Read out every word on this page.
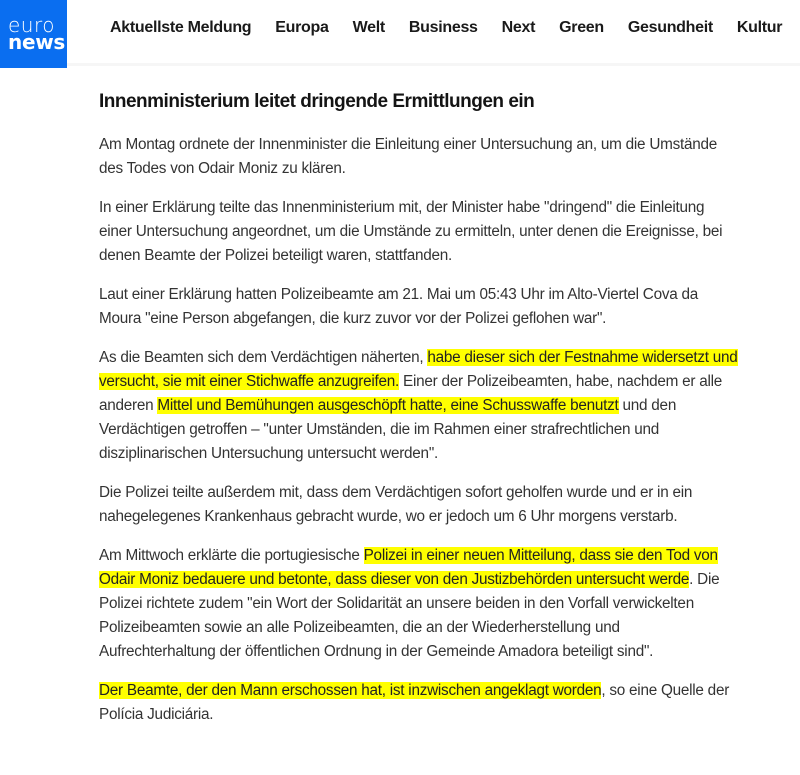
euro
news.
Aktuellste Meldung Europa Welt Business Next Green Gesundheit Kultur
Innenministerium leitet dringende Ermittlungen ein

Am Montag ordnete der Innenminister die Einleitung einer Untersuchung an, um die Umstände des Todes von Odair Moniz zu klären.

In einer Erklärung teilte das Innenministerium mit, der Minister habe "dringend" die Einleitung einer Untersuchung angeordnet, um die Umstände zu ermitteln, unter denen die Ereignisse, bei denen Beamte der Polizei beteiligt waren, stattfanden.

Laut einer Erklärung hatten Polizeibeamte am 21. Mai um 05:43 Uhr im Alto-Viertel Cova da Moura "eine Person abgefangen, die kurz zuvor vor der Polizei geflohen war".

As die Beamten sich dem Verdächtigen näherten, habe dieser sich der Festnahme widersetzt und versucht, sie mit einer Stichwaffe anzugreifen. Einer der Polizeibeamten, habe, nachdem er alle anderen Mittel und Bemühungen ausgeschöpft hatte, eine Schusswaffe benutzt und den Verdächtigen getroffen – "unter Umständen, die im Rahmen einer strafrechtlichen und disziplinarischen Untersuchung untersucht werden".

Die Polizei teilte außerdem mit, dass dem Verdächtigen sofort geholfen wurde und er in ein nahegelegenes Krankenhaus gebracht wurde, wo er jedoch um 6 Uhr morgens verstarb.

Am Mittwoch erklärte die portugiesische Polizei in einer neuen Mitteilung, dass sie den Tod von Odair Moniz bedauere und betonte, dass dieser von den Justizbehörden untersucht werde. Die Polizei richtete zudem "ein Wort der Solidarität an unsere beiden in den Vorfall verwickelten Polizeibeamten sowie an alle Polizeibeamten, die an der Wiederherstellung und Aufrechterhaltung der öffentlichen Ordnung in der Gemeinde Amadora beteiligt sind".

Der Beamte, der den Mann erschossen hat, ist inzwischen angeklagt worden, so eine Quelle der Polícia Judiciária.
